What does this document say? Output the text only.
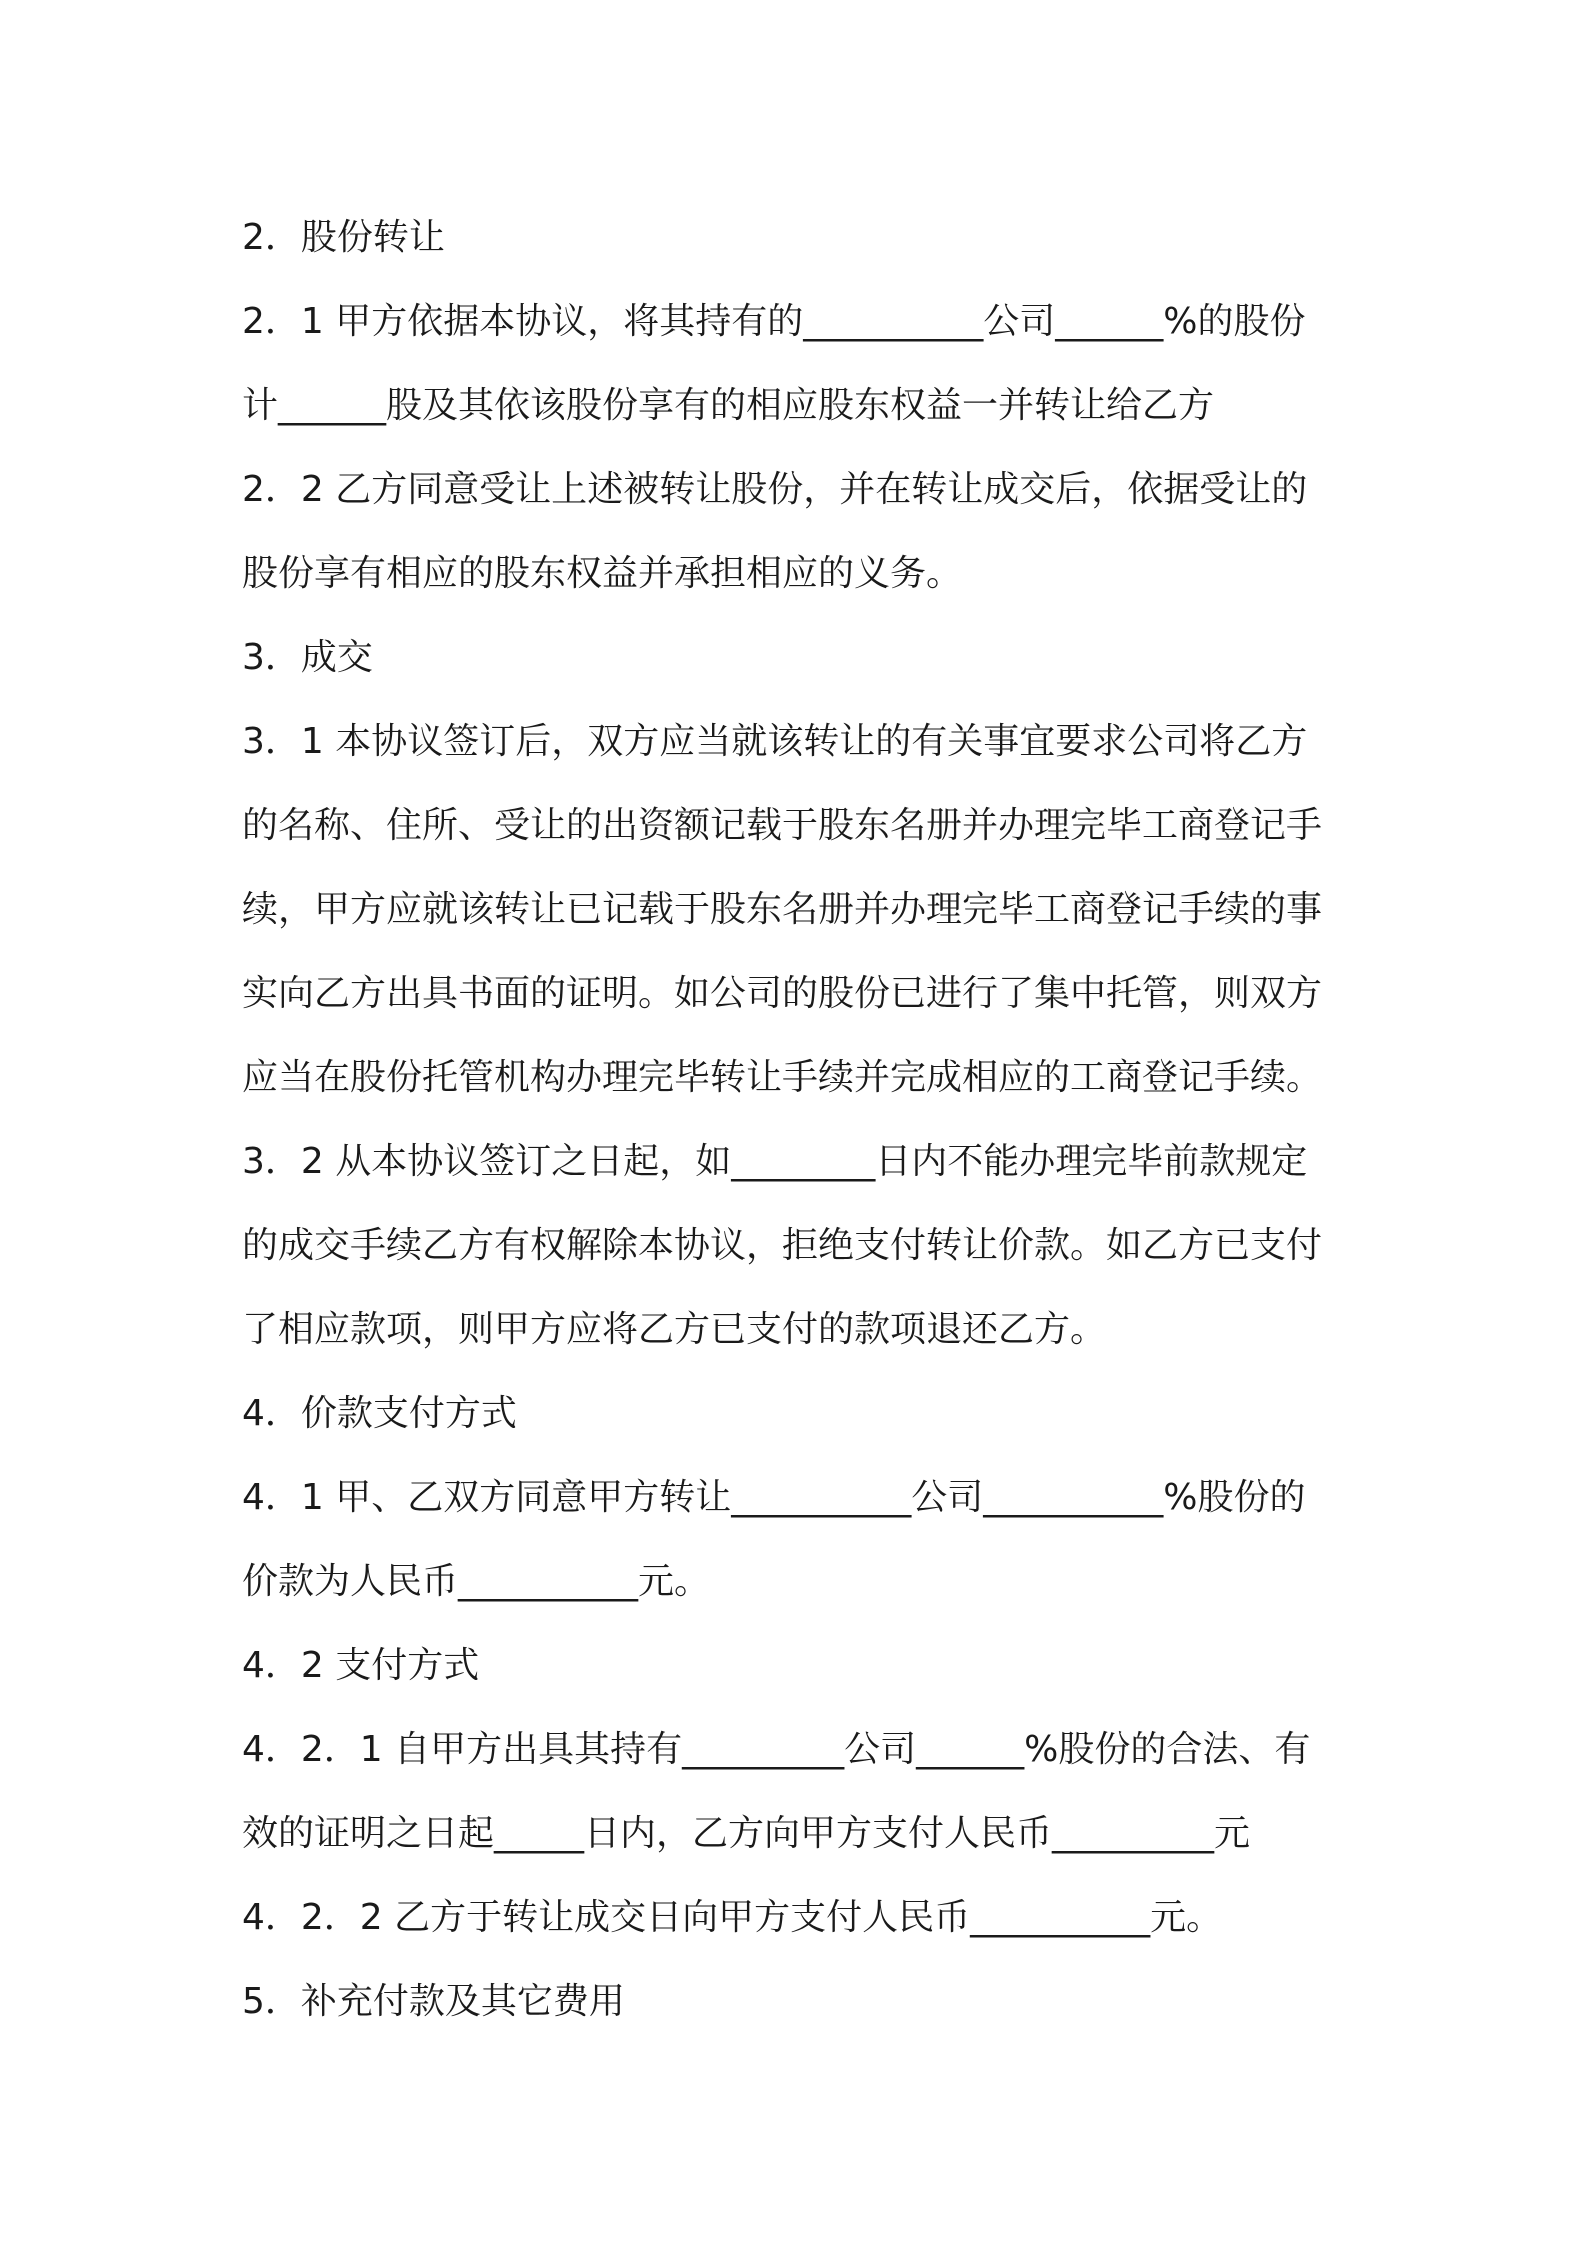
2．股份转让
2．1 甲方依据本协议，将其持有的__________公司______%的股份
计______股及其依该股份享有的相应股东权益一并转让给乙方
2．2 乙方同意受让上述被转让股份，并在转让成交后，依据受让的
股份享有相应的股东权益并承担相应的义务。
3．成交
3．1 本协议签订后，双方应当就该转让的有关事宜要求公司将乙方
的名称、住所、受让的出资额记载于股东名册并办理完毕工商登记手
续，甲方应就该转让已记载于股东名册并办理完毕工商登记手续的事
实向乙方出具书面的证明。如公司的股份已进行了集中托管，则双方
应当在股份托管机构办理完毕转让手续并完成相应的工商登记手续。
3．2 从本协议签订之日起，如________日内不能办理完毕前款规定
的成交手续乙方有权解除本协议，拒绝支付转让价款。如乙方已支付
了相应款项，则甲方应将乙方已支付的款项退还乙方。
4．价款支付方式
4．1 甲、乙双方同意甲方转让__________公司__________%股份的
价款为人民币__________元。
4．2 支付方式
4．2．1 自甲方出具其持有_________公司______%股份的合法、有
效的证明之日起_____日内，乙方向甲方支付人民币_________元
4．2．2 乙方于转让成交日向甲方支付人民币__________元。
5．补充付款及其它费用
